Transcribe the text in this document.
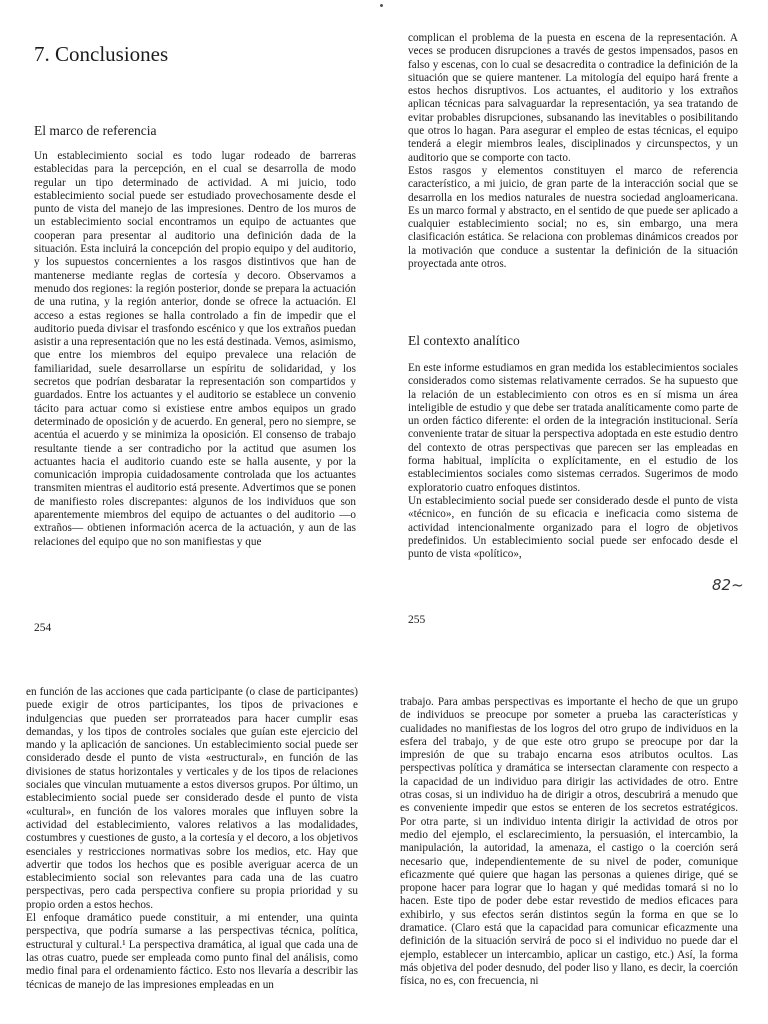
7. Conclusiones
El marco de referencia

Un establecimiento social es todo lugar rodeado de barreras establecidas para la percepción, en el cual se desarrolla de modo regular un tipo determinado de actividad. A mi juicio, todo establecimiento social puede ser estudiado provechosamente desde el punto de vista del manejo de las impresiones. Dentro de los muros de un establecimiento social encontramos un equipo de actuantes que cooperan para presentar al auditorio una definición dada de la situación. Esta incluirá la concepción del propio equipo y del auditorio, y los supuestos concernientes a los rasgos distintivos que han de mantenerse mediante reglas de cortesía y decoro. Observamos a menudo dos regiones: la región posterior, donde se prepara la actuación de una rutina, y la región anterior, donde se ofrece la actuación. El acceso a estas regiones se halla controlado a fin de impedir que el auditorio pueda divisar el trasfondo escénico y que los extraños puedan asistir a una representación que no les está destinada. Vemos, asimismo, que entre los miembros del equipo prevalece una relación de familiaridad, suele desarrollarse un espíritu de solidaridad, y los secretos que podrían desbaratar la representación son compartidos y guardados. Entre los actuantes y el auditorio se establece un convenio tácito para actuar como si existiese entre ambos equipos un grado determinado de oposición y de acuerdo. En general, pero no siempre, se acentúa el acuerdo y se minimiza la oposición. El consenso de trabajo resultante tiende a ser contradicho por la actitud que asumen los actuantes hacia el auditorio cuando este se halla ausente, y por la comunicación impropia cuidadosamente controlada que los actuantes transmiten mientras el auditorio está presente. Advertimos que se ponen de manifiesto roles discrepantes: algunos de los individuos que son aparentemente miembros del equipo de actuantes o del auditorio —o extraños— obtienen información acerca de la actuación, y aun de las relaciones del equipo que no son manifiestas y que

254

complican el problema de la puesta en escena de la representación. A veces se producen disrupciones a través de gestos impensados, pasos en falso y escenas, con lo cual se desacredita o contradice la definición de la situación que se quiere mantener. La mitología del equipo hará frente a estos hechos disruptivos. Los actuantes, el auditorio y los extraños aplican técnicas para salvaguardar la representación, ya sea tratando de evitar probables disrupciones, subsanando las inevitables o posibilitando que otros lo hagan. Para asegurar el empleo de estas técnicas, el equipo tenderá a elegir miembros leales, disciplinados y circunspectos, y un auditorio que se comporte con tacto.

Estos rasgos y elementos constituyen el marco de referencia característico, a mi juicio, de gran parte de la interacción social que se desarrolla en los medios naturales de nuestra sociedad angloamericana. Es un marco formal y abstracto, en el sentido de que puede ser aplicado a cualquier establecimiento social; no es, sin embargo, una mera clasificación estática. Se relaciona con problemas dinámicos creados por la motivación que conduce a sustentar la definición de la situación proyectada ante otros.

El contexto analítico

En este informe estudiamos en gran medida los establecimientos sociales considerados como sistemas relativamente cerrados. Se ha supuesto que la relación de un establecimiento con otros es en sí misma un área inteligible de estudio y que debe ser tratada analíticamente como parte de un orden fáctico diferente: el orden de la integración institucional. Sería conveniente tratar de situar la perspectiva adoptada en este estudio dentro del contexto de otras perspectivas que parecen ser las empleadas en forma habitual, implícita o explícitamente, en el estudio de los establecimientos sociales como sistemas cerrados. Sugerimos de modo exploratorio cuatro enfoques distintos.

Un establecimiento social puede ser considerado desde el punto de vista «técnico», en función de su eficacia e ineficacia como sistema de actividad intencionalmente organizado para el logro de objetivos predefinidos. Un establecimiento social puede ser enfocado desde el punto de vista «político»,

82~
255

en función de las acciones que cada participante (o clase de participantes) puede exigir de otros participantes, los tipos de privaciones e indulgencias que pueden ser prorrateados para hacer cumplir esas demandas, y los tipos de controles sociales que guían este ejercicio del mando y la aplicación de sanciones. Un establecimiento social puede ser considerado desde el punto de vista «estructural», en función de las divisiones de status horizontales y verticales y de los tipos de relaciones sociales que vinculan mutuamente a estos diversos grupos. Por último, un establecimiento social puede ser considerado desde el punto de vista «cultural», en función de los valores morales que influyen sobre la actividad del establecimiento, valores relativos a las modalidades, costumbres y cuestiones de gusto, a la cortesía y el decoro, a los objetivos esenciales y restricciones normativas sobre los medios, etc. Hay que advertir que todos los hechos que es posible averiguar acerca de un establecimiento social son relevantes para cada una de las cuatro perspectivas, pero cada perspectiva confiere su propia prioridad y su propio orden a estos hechos.

El enfoque dramático puede constituir, a mi entender, una quinta perspectiva, que podría sumarse a las perspectivas técnica, política, estructural y cultural.¹ La perspectiva dramática, al igual que cada una de las otras cuatro, puede ser empleada como punto final del análisis, como medio final para el ordenamiento fáctico. Esto nos llevaría a describir las técnicas de manejo de las impresiones empleadas en un

trabajo. Para ambas perspectivas es importante el hecho de que un grupo de individuos se preocupe por someter a prueba las características y cualidades no manifiestas de los logros del otro grupo de individuos en la esfera del trabajo, y de que este otro grupo se preocupe por dar la impresión de que su trabajo encarna esos atributos ocultos. Las perspectivas política y dramática se intersectan claramente con respecto a la capacidad de un individuo para dirigir las actividades de otro. Entre otras cosas, si un individuo ha de dirigir a otros, descubrirá a menudo que es conveniente impedir que estos se enteren de los secretos estratégicos. Por otra parte, si un individuo intenta dirigir la actividad de otros por medio del ejemplo, el esclarecimiento, la persuasión, el intercambio, la manipulación, la autoridad, la amenaza, el castigo o la coerción será necesario que, independientemente de su nivel de poder, comunique eficazmente qué quiere que hagan las personas a quienes dirige, qué se propone hacer para lograr que lo hagan y qué medidas tomará si no lo hacen. Este tipo de poder debe estar revestido de medios eficaces para exhibirlo, y sus efectos serán distintos según la forma en que se lo dramatice. (Claro está que la capacidad para comunicar eficazmente una definición de la situación servirá de poco si el individuo no puede dar el ejemplo, establecer un intercambio, aplicar un castigo, etc.) Así, la forma más objetiva del poder desnudo, del poder liso y llano, es decir, la coerción física, no es, con frecuencia, ni
